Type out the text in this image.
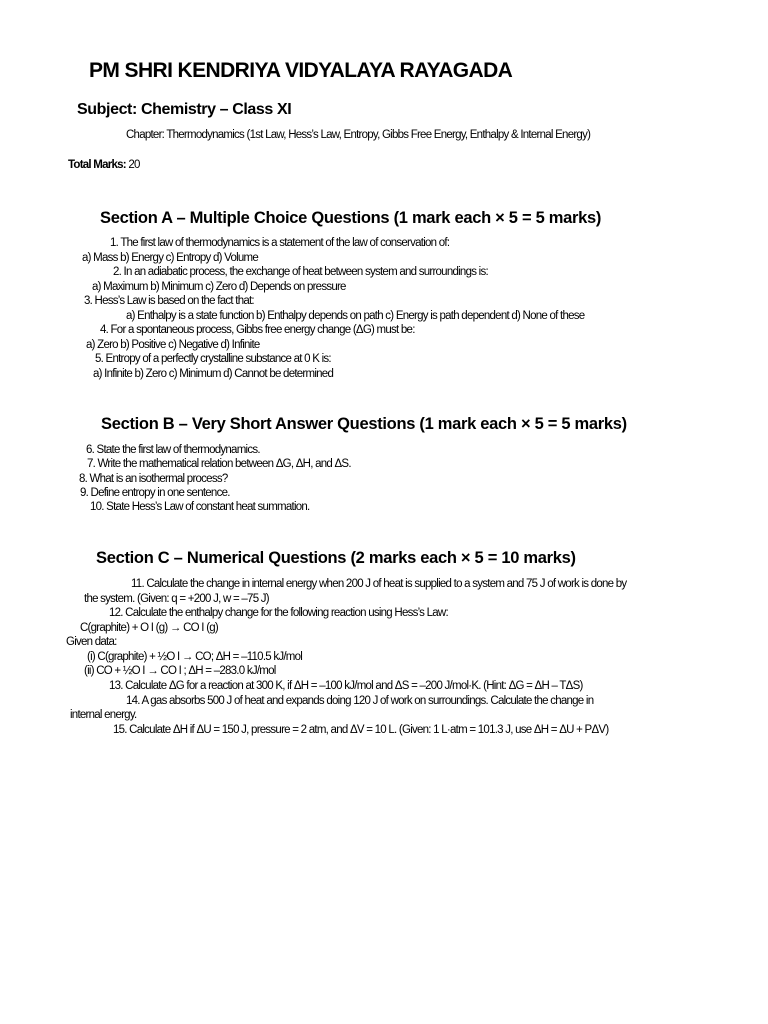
PM SHRI KENDRIYA VIDYALAYA RAYAGADA
Subject: Chemistry – Class XI
Chapter: Thermodynamics (1st Law, Hess’s Law, Entropy, Gibbs Free Energy, Enthalpy & Internal Energy)
Total Marks: 20
Section A – Multiple Choice Questions (1 mark each × 5 = 5 marks)
1. The first law of thermodynamics is a statement of the law of conservation of:
a) Mass b) Energy c) Entropy d) Volume
2. In an adiabatic process, the exchange of heat between system and surroundings is:
a) Maximum b) Minimum c) Zero d) Depends on pressure
3. Hess’s Law is based on the fact that:
a) Enthalpy is a state function b) Enthalpy depends on path c) Energy is path dependent d) None of these
4. For a spontaneous process, Gibbs free energy change (ΔG) must be:
a) Zero b) Positive c) Negative d) Infinite
5. Entropy of a perfectly crystalline substance at 0 K is:
a) Infinite b) Zero c) Minimum d) Cannot be determined
Section B – Very Short Answer Questions (1 mark each × 5 = 5 marks)
6. State the first law of thermodynamics.
7. Write the mathematical relation between ΔG, ΔH, and ΔS.
8. What is an isothermal process?
9. Define entropy in one sentence.
10. State Hess’s Law of constant heat summation.
Section C – Numerical Questions (2 marks each × 5 = 10 marks)
11. Calculate the change in internal energy when 200 J of heat is supplied to a system and 75 J of work is done by
the system. (Given: q = +200 J, w = –75 J)
12. Calculate the enthalpy change for the following reaction using Hess’s Law:
C(graphite) + O I (g) → CO I (g)
Given data:
(i) C(graphite) + ½O I → CO; ΔH = –110.5 kJ/mol
(ii) CO + ½O I → CO I ; ΔH = –283.0 kJ/mol
13. Calculate ΔG for a reaction at 300 K, if ΔH = –100 kJ/mol and ΔS = –200 J/mol·K. (Hint: ΔG = ΔH – TΔS)
14. A gas absorbs 500 J of heat and expands doing 120 J of work on surroundings. Calculate the change in
internal energy.
15. Calculate ΔH if ΔU = 150 J, pressure = 2 atm, and ΔV = 10 L. (Given: 1 L·atm = 101.3 J, use ΔH = ΔU + PΔV)
